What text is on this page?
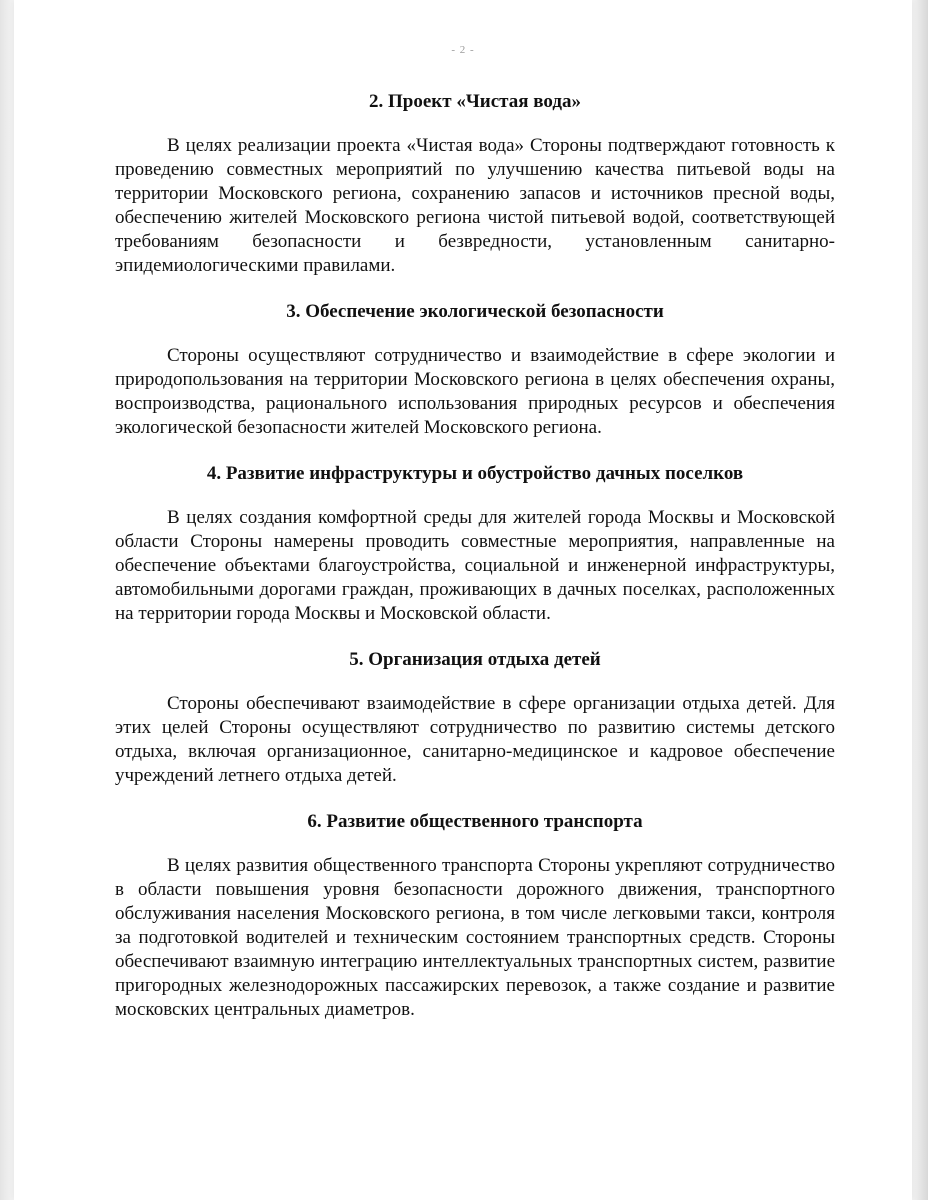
- 2 -
2. Проект «Чистая вода»

В целях реализации проекта «Чистая вода» Стороны подтверждают готовность к проведению совместных мероприятий по улучшению качества питьевой воды на территории Московского региона, сохранению запасов и источников пресной воды, обеспечению жителей Московского региона чистой питьевой водой, соответствующей требованиям безопасности и безвредности, установленным санитарно-эпидемиологическими правилами.

3. Обеспечение экологической безопасности

Стороны осуществляют сотрудничество и взаимодействие в сфере экологии и природопользования на территории Московского региона в целях обеспечения охраны, воспроизводства, рационального использования природных ресурсов и обеспечения экологической безопасности жителей Московского региона.

4. Развитие инфраструктуры и обустройство дачных поселков

В целях создания комфортной среды для жителей города Москвы и Московской области Стороны намерены проводить совместные мероприятия, направленные на обеспечение объектами благоустройства, социальной и инженерной инфраструктуры, автомобильными дорогами граждан, проживающих в дачных поселках, расположенных на территории города Москвы и Московской области.

5. Организация отдыха детей

Стороны обеспечивают взаимодействие в сфере организации отдыха детей. Для этих целей Стороны осуществляют сотрудничество по развитию системы детского отдыха, включая организационное, санитарно-медицинское и кадровое обеспечение учреждений летнего отдыха детей.

6. Развитие общественного транспорта

В целях развития общественного транспорта Стороны укрепляют сотрудничество в области повышения уровня безопасности дорожного движения, транспортного обслуживания населения Московского региона, в том числе легковыми такси, контроля за подготовкой водителей и техническим состоянием транспортных средств. Стороны обеспечивают взаимную интеграцию интеллектуальных транспортных систем, развитие пригородных железнодорожных пассажирских перевозок, а также создание и развитие московских центральных диаметров.
